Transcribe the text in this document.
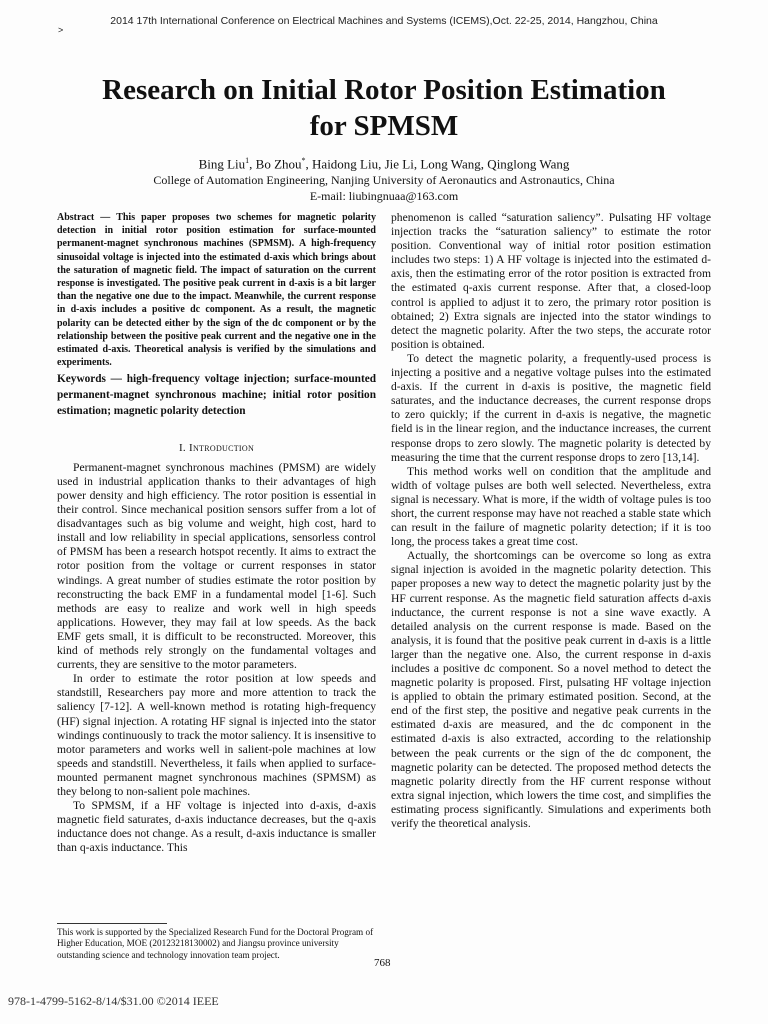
2014 17th International Conference on Electrical Machines and Systems (ICEMS),Oct. 22-25, 2014, Hangzhou, China
>
Research on Initial Rotor Position Estimation
for SPMSM
Bing Liu$^1$, Bo Zhou*, Haidong Liu, Jie Li, Long Wang, Qinglong Wang
College of Automation Engineering, Nanjing University of Aeronautics and Astronautics, China
E-mail: liubingnuaa@163.com

Abstract — This paper proposes two schemes for magnetic polarity detection in initial rotor position estimation for surface-mounted permanent-magnet synchronous machines (SPMSM). A high-frequency sinusoidal voltage is injected into the estimated d-axis which brings about the saturation of magnetic field. The impact of saturation on the current response is investigated. The positive peak current in d-axis is a bit larger than the negative one due to the impact. Meanwhile, the current response in d-axis includes a positive dc component. As a result, the magnetic polarity can be detected either by the sign of the dc component or by the relationship between the positive peak current and the negative one in the estimated d-axis. Theoretical analysis is verified by the simulations and experiments.

Keywords — high-frequency voltage injection; surface-mounted permanent-magnet synchronous machine; initial rotor position estimation; magnetic polarity detection

I. Introduction

Permanent-magnet synchronous machines (PMSM) are widely used in industrial application thanks to their advantages of high power density and high efficiency. The rotor position is essential in their control. Since mechanical position sensors suffer from a lot of disadvantages such as big volume and weight, high cost, hard to install and low reliability in special applications, sensorless control of PMSM has been a research hotspot recently. It aims to extract the rotor position from the voltage or current responses in stator windings. A great number of studies estimate the rotor position by reconstructing the back EMF in a fundamental model [1-6]. Such methods are easy to realize and work well in high speeds applications. However, they may fail at low speeds. As the back EMF gets small, it is difficult to be reconstructed. Moreover, this kind of methods rely strongly on the fundamental voltages and currents, they are sensitive to the motor parameters.

In order to estimate the rotor position at low speeds and standstill, Researchers pay more and more attention to track the saliency [7-12]. A well-known method is rotating high-frequency (HF) signal injection. A rotating HF signal is injected into the stator windings continuously to track the motor saliency. It is insensitive to motor parameters and works well in salient-pole machines at low speeds and standstill. Nevertheless, it fails when applied to surface-mounted permanent magnet synchronous machines (SPMSM) as they belong to non-salient pole machines.

To SPMSM, if a HF voltage is injected into d-axis, d-axis magnetic field saturates, d-axis inductance decreases, but the q-axis inductance does not change. As a result, d-axis inductance is smaller than q-axis inductance. This

phenomenon is called “saturation saliency”. Pulsating HF voltage injection tracks the “saturation saliency” to estimate the rotor position. Conventional way of initial rotor position estimation includes two steps: 1) A HF voltage is injected into the estimated d-axis, then the estimating error of the rotor position is extracted from the estimated q-axis current response. After that, a closed-loop control is applied to adjust it to zero, the primary rotor position is obtained; 2) Extra signals are injected into the stator windings to detect the magnetic polarity. After the two steps, the accurate rotor position is obtained.

To detect the magnetic polarity, a frequently-used process is injecting a positive and a negative voltage pulses into the estimated d-axis. If the current in d-axis is positive, the magnetic field saturates, and the inductance decreases, the current response drops to zero quickly; if the current in d-axis is negative, the magnetic field is in the linear region, and the inductance increases, the current response drops to zero slowly. The magnetic polarity is detected by measuring the time that the current response drops to zero [13,14].

This method works well on condition that the amplitude and width of voltage pulses are both well selected. Nevertheless, extra signal is necessary. What is more, if the width of voltage pules is too short, the current response may have not reached a stable state which can result in the failure of magnetic polarity detection; if it is too long, the process takes a great time cost.

Actually, the shortcomings can be overcome so long as extra signal injection is avoided in the magnetic polarity detection. This paper proposes a new way to detect the magnetic polarity just by the HF current response. As the magnetic field saturation affects d-axis inductance, the current response is not a sine wave exactly. A detailed analysis on the current response is made. Based on the analysis, it is found that the positive peak current in d-axis is a little larger than the negative one. Also, the current response in d-axis includes a positive dc component. So a novel method to detect the magnetic polarity is proposed. First, pulsating HF voltage injection is applied to obtain the primary estimated position. Second, at the end of the first step, the positive and negative peak currents in the estimated d-axis are measured, and the dc component in the estimated d-axis is also extracted, according to the relationship between the peak currents or the sign of the dc component, the magnetic polarity can be detected. The proposed method detects the magnetic polarity directly from the HF current response without extra signal injection, which lowers the time cost, and simplifies the estimating process significantly. Simulations and experiments both verify the theoretical analysis.

This work is supported by the Specialized Research Fund for the Doctoral Program of Higher Education, MOE (20123218130002) and Jiangsu province university outstanding science and technology innovation team project.
768
978-1-4799-5162-8/14/$31.00 ©2014 IEEE
